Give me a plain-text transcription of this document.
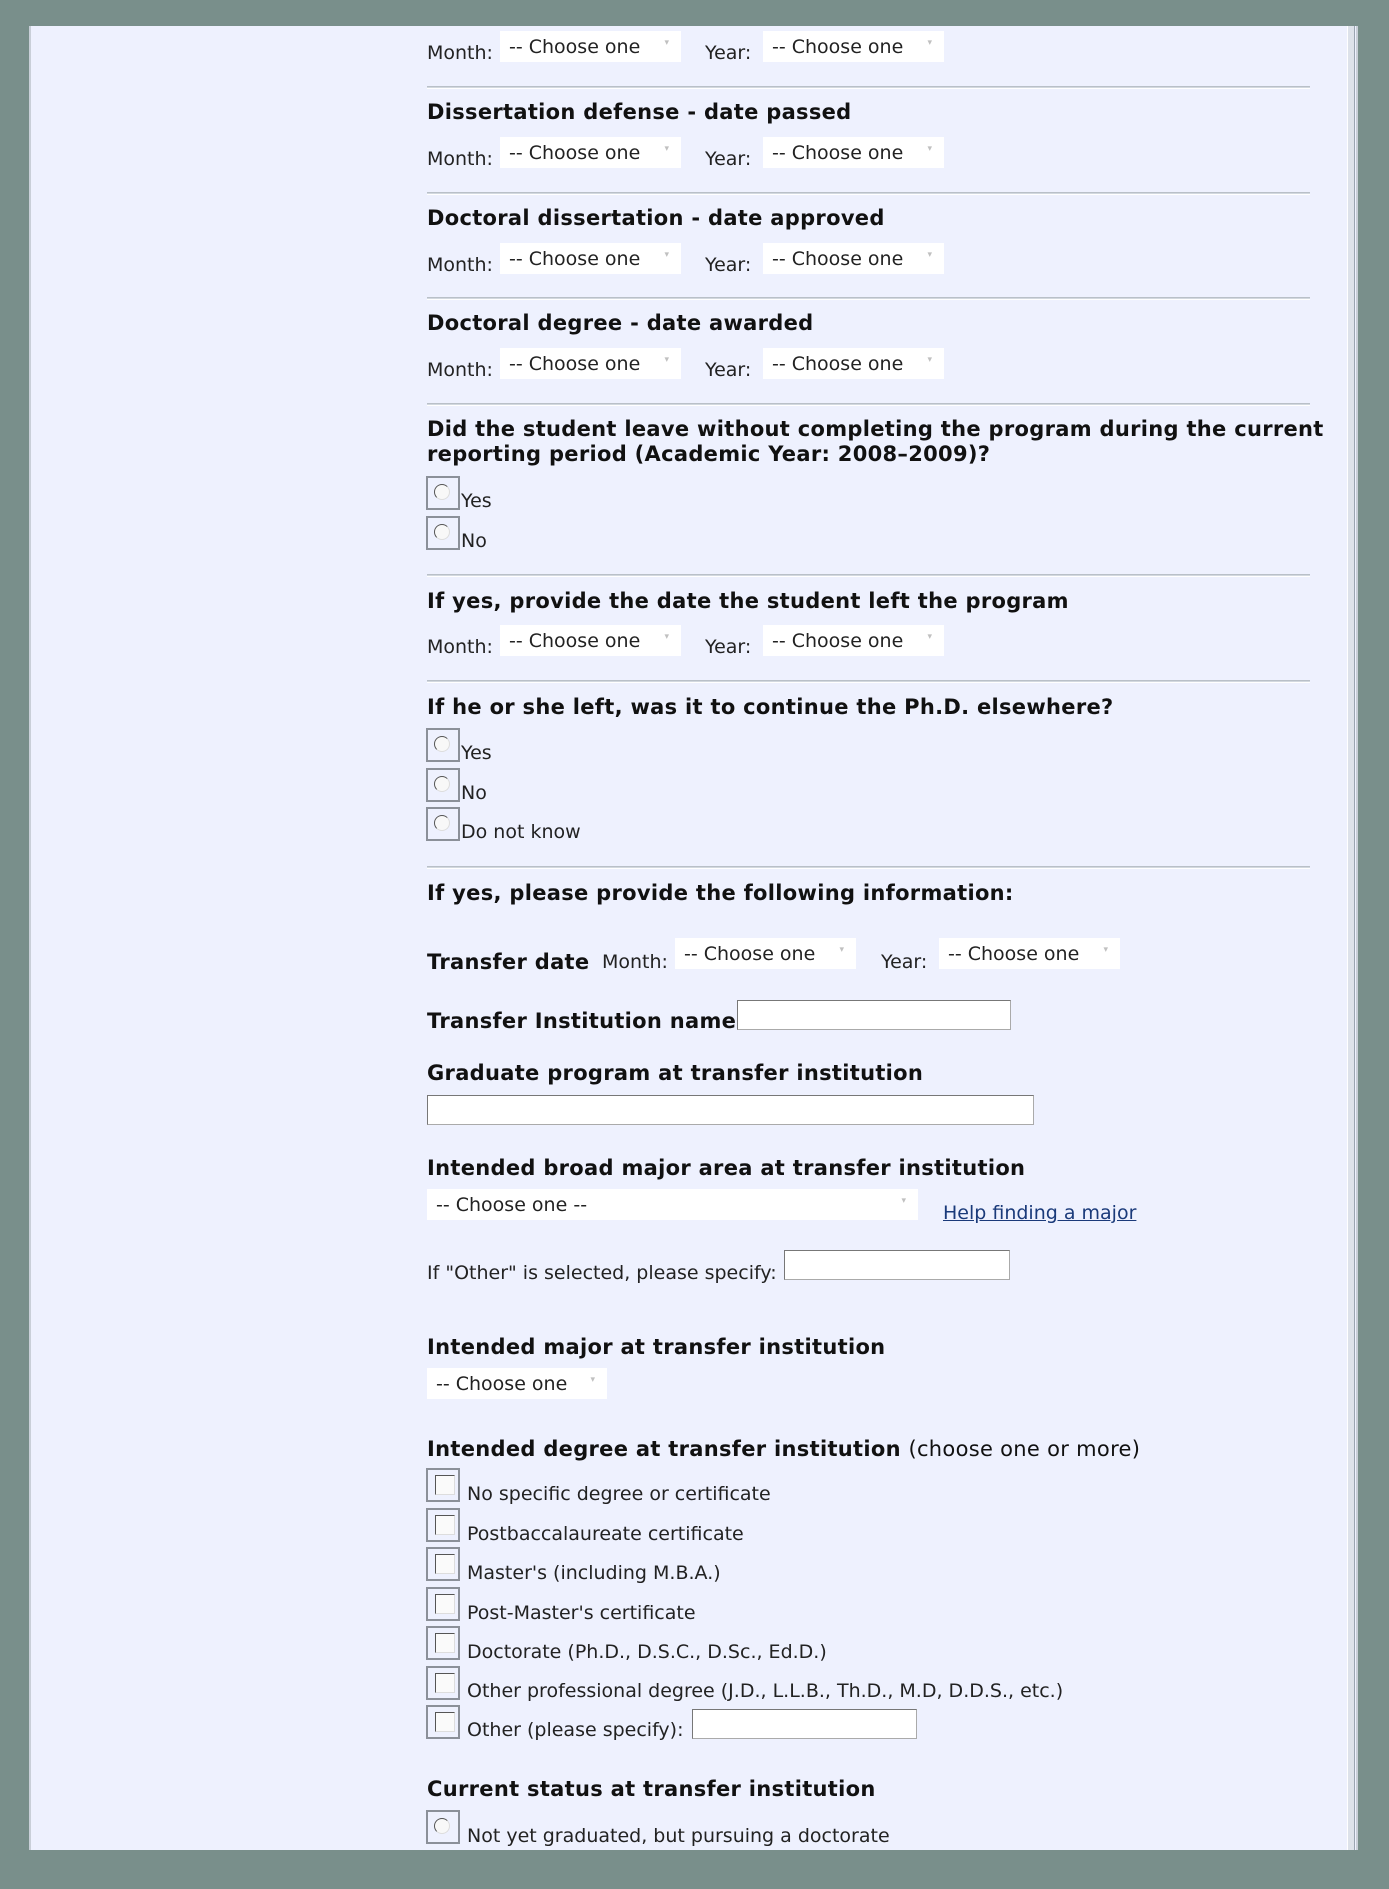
Month: -- Choose one	▾ Year:	-- Choose one	▾
Dissertation defense - date passed
Month: -- Choose one	▾ Year:	-- Choose one	▾
Doctoral dissertation - date approved
Month: -- Choose one	▾ Year:	-- Choose one	▾
Doctoral degree - date awarded
Month: -- Choose one	▾ Year:	-- Choose one	▾
Did the student leave without completing the program during the current
reporting period (Academic Year: 2008–2009)?
Yes
No
If yes, provide the date the student left the program
Month: -- Choose one	▾ Year:	-- Choose one	▾
If he or she left, was it to continue the Ph.D. elsewhere?
Yes
No
Do not know
If yes, please provide the following information:
Transfer date Month: -- Choose one	▾
Year:	-- Choose one	▾
Transfer Institution name
Graduate program at transfer institution
Intended broad major area at transfer institution
-- Choose one --	▾
Help finding a major
If "Other" is selected, please specify:
Intended major at transfer institution
-- Choose one	▾
Intended degree at transfer institution (choose one or more)
No specific degree or certificate
Postbaccalaureate certificate
Master's (including M.B.A.)
Post-Master's certificate
Doctorate (Ph.D., D.S.C., D.Sc., Ed.D.)
Other professional degree (J.D., L.L.B., Th.D., M.D, D.D.S., etc.)
Other (please specify):
Current status at transfer institution
Not yet graduated, but pursuing a doctorate
